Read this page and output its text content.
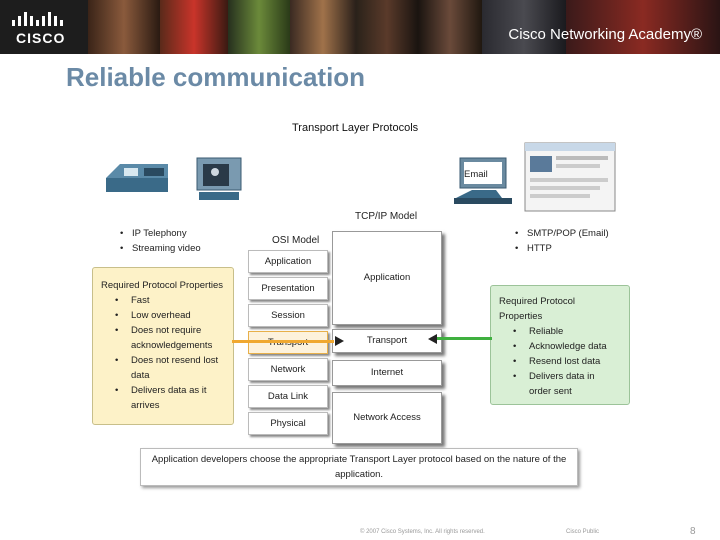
CISCO	Cisco Networking Academy®
Reliable communication
Transport Layer Protocols
Email
• IP Telephony
• Streaming video
• SMTP/POP (Email)
• HTTP
Required Protocol Properties
• Fast
• Low overhead
• Does not require acknowledgements
• Does not resend lost data
• Delivers data as it arrives
Required Protocol Properties
• Reliable
• Acknowledge data
• Resend lost data
• Delivers data in order sent
OSI Model
Application
Presentation
Session
Network
Data Link
Physical
TCP/IP Model
Application
Transport
Internet
Network Access
Application developers choose the appropriate Transport Layer protocol based on the nature of the application.
© 2007 Cisco Systems, Inc. All rights reserved.	Cisco Public	8
